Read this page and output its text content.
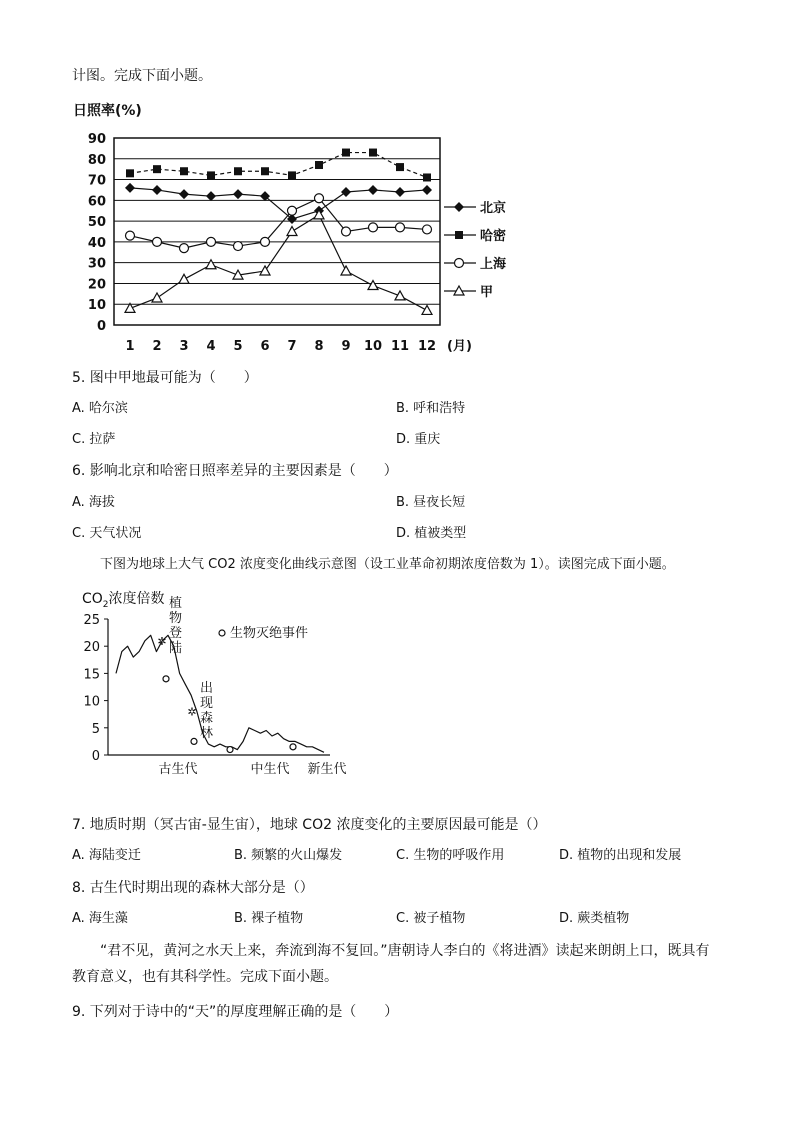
计图。完成下面小题。
日照率(%)
0
10
20
30
40
50
60
70
80
90
1 2 3 4 5 6 7 8 9 10 11 12 (月)
北京
哈密
上海
甲
5. 图中甲地最可能为（　　）
A. 哈尔滨	B. 呼和浩特
C. 拉萨	D. 重庆
6. 影响北京和哈密日照率差异的主要因素是（　　）
A. 海拔	B. 昼夜长短
C. 天气状况	D. 植被类型
下图为地球上大气 CO2 浓度变化曲线示意图（设工业革命初期浓度倍数为 1）。读图完成下面小题。
$CO_2$浓度倍数
0
5
10
15
20
25
植
物
登
陆
出
现
森
林
✲
✲
生物灭绝事件
古生代	中生代 新生代
7. 地质时期（冥古宙-显生宙），地球 CO2 浓度变化的主要原因最可能是（）
A. 海陆变迁	B. 频繁的火山爆发	C. 生物的呼吸作用	D. 植物的出现和发展
8. 古生代时期出现的森林大部分是（）
A. 海生藻	B. 裸子植物	C. 被子植物	D. 蕨类植物
“君不见，黄河之水天上来，奔流到海不复回。”唐朝诗人李白的《将进酒》读起来朗朗上口，既具有教育意义，也有其科学性。完成下面小题。
9. 下列对于诗中的“天”的厚度理解正确的是（　　）
